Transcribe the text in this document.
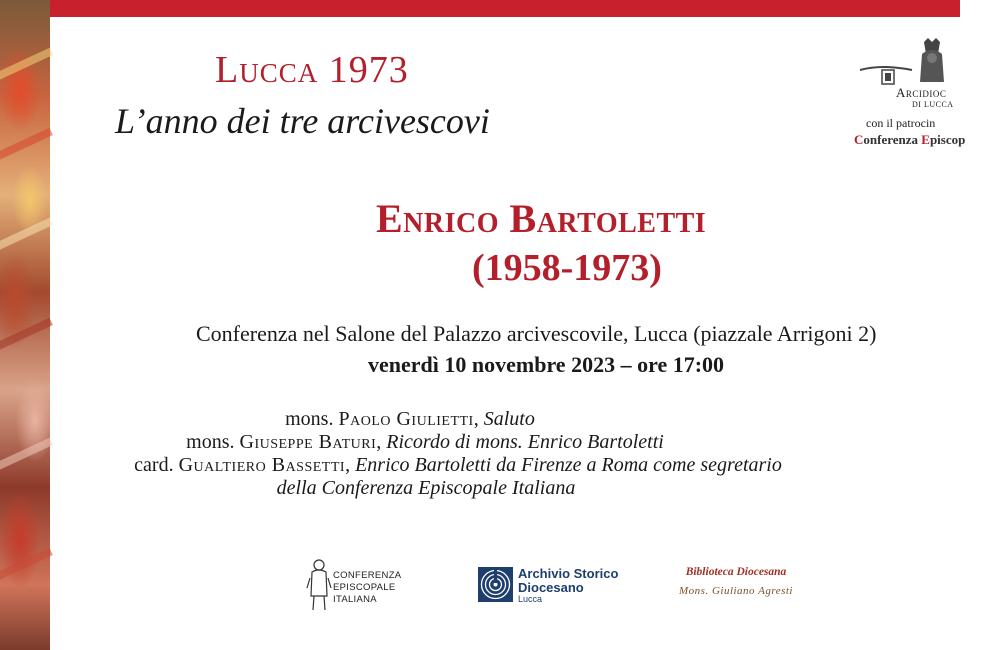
Lucca 1973
L’anno dei tre arcivescovi
Arcidioc
DI LUCCA
con il patrocin
Conferenza Episcop
Enrico Bartoletti
(1958-1973)
Conferenza nel Salone del Palazzo arcivescovile, Lucca (piazzale Arrigoni 2)
venerdì 10 novembre 2023 – ore 17:00
mons. Paolo Giulietti, Saluto
mons. Giuseppe Baturi, Ricordo di mons. Enrico Bartoletti
card. Gualtiero Bassetti, Enrico Bartoletti da Firenze a Roma come segretario
della Conferenza Episcopale Italiana
CONFERENZA
EPISCOPALE
ITALIANA
Archivio Storico
Diocesano
Lucca
Biblioteca Diocesana
Mons. Giuliano Agresti
